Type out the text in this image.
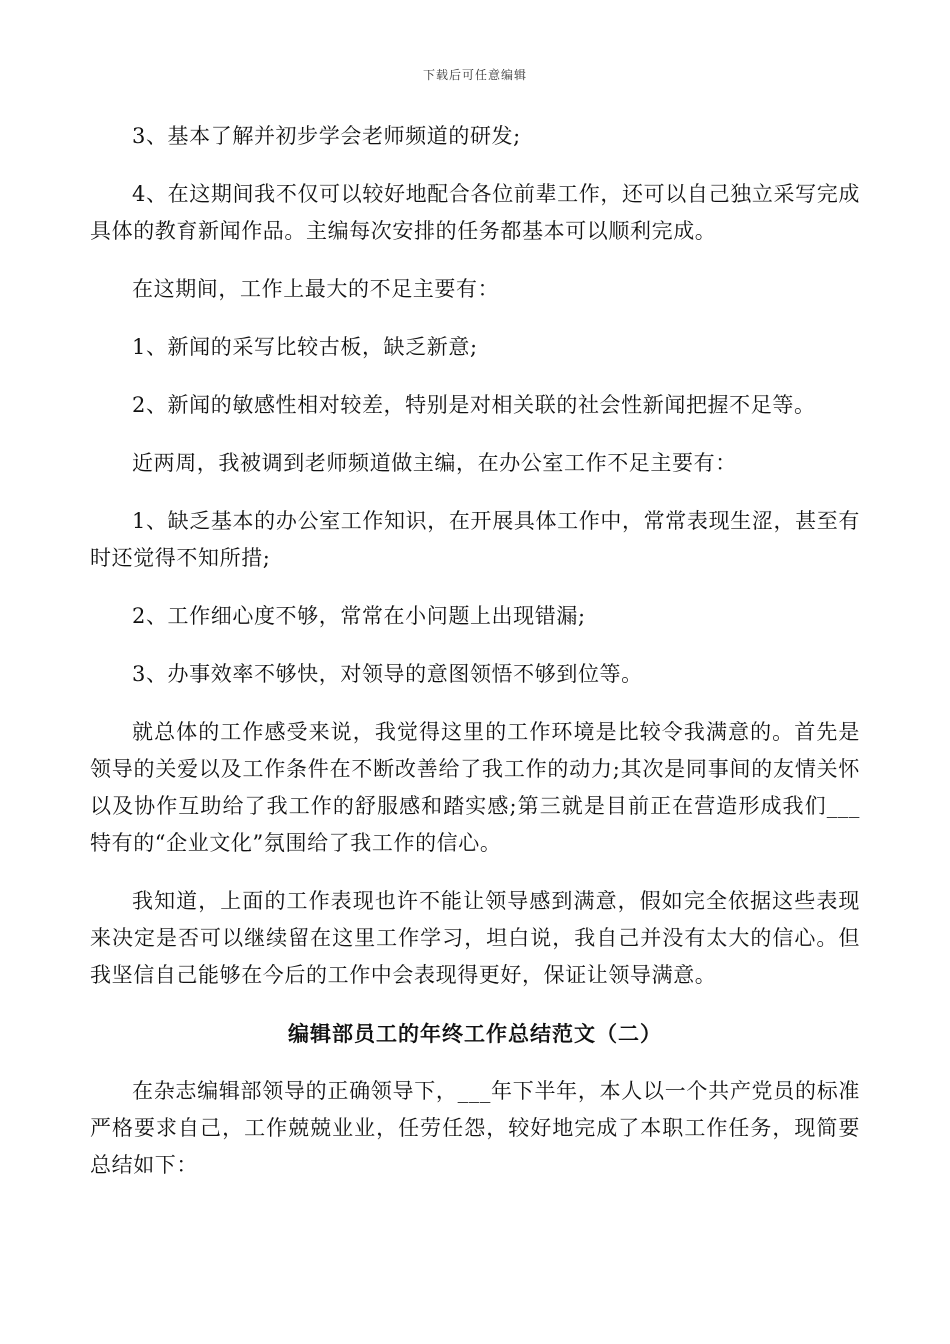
下载后可任意编辑

3、基本了解并初步学会老师频道的研发;

4、在这期间我不仅可以较好地配合各位前辈工作，还可以自己独立采写完成具体的教育新闻作品。主编每次安排的任务都基本可以顺利完成。

在这期间，工作上最大的不足主要有：

1、新闻的采写比较古板，缺乏新意;

2、新闻的敏感性相对较差，特别是对相关联的社会性新闻把握不足等。

近两周，我被调到老师频道做主编，在办公室工作不足主要有：

1、缺乏基本的办公室工作知识，在开展具体工作中，常常表现生涩，甚至有时还觉得不知所措;

2、工作细心度不够，常常在小问题上出现错漏;

3、办事效率不够快，对领导的意图领悟不够到位等。

就总体的工作感受来说，我觉得这里的工作环境是比较令我满意的。首先是领导的关爱以及工作条件在不断改善给了我工作的动力;其次是同事间的友情关怀以及协作互助给了我工作的舒服感和踏实感;第三就是目前正在营造形成我们___特有的“企业文化”氛围给了我工作的信心。

我知道，上面的工作表现也许不能让领导感到满意，假如完全依据这些表现来决定是否可以继续留在这里工作学习，坦白说，我自己并没有太大的信心。但我坚信自己能够在今后的工作中会表现得更好，保证让领导满意。

编辑部员工的年终工作总结范文（二）

在杂志编辑部领导的正确领导下，___年下半年，本人以一个共产党员的标准严格要求自己，工作兢兢业业，任劳任怨，较好地完成了本职工作任务，现简要总结如下：
